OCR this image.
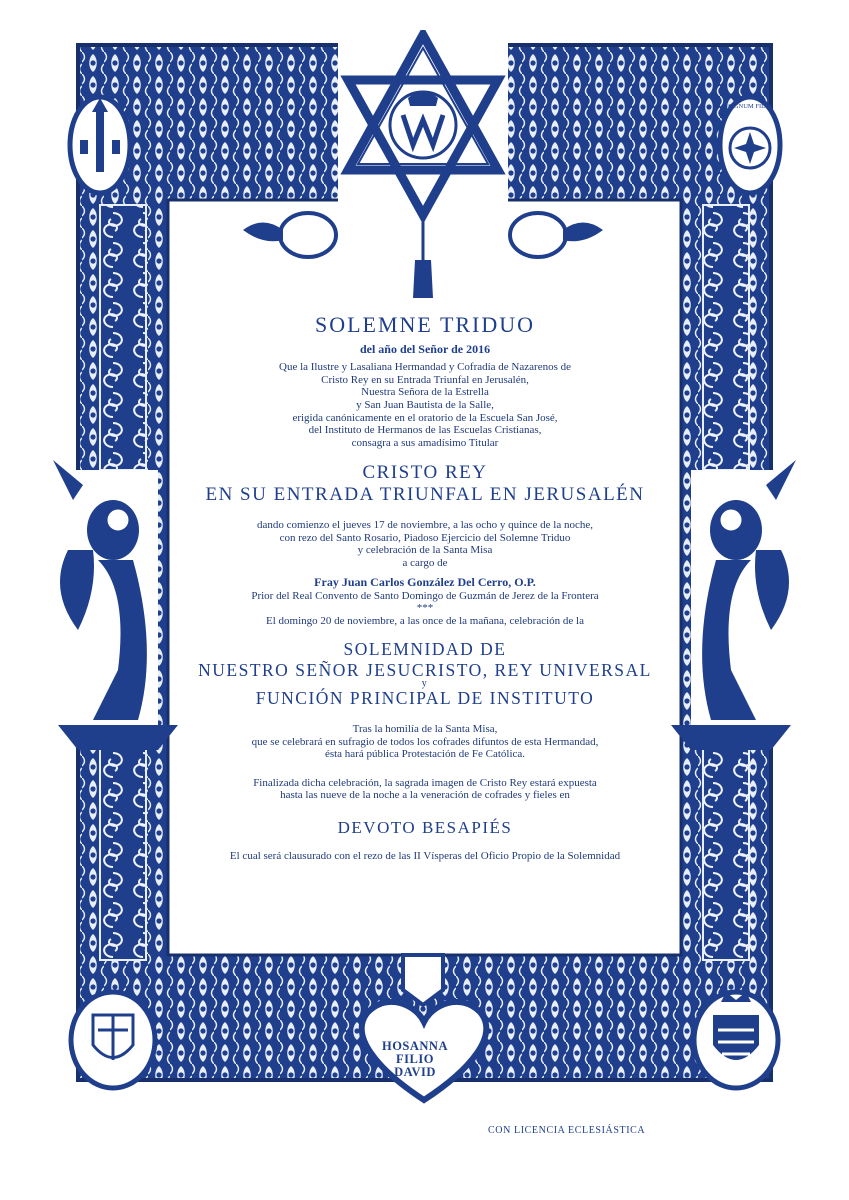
SIGNUM FIDEI
HOSANNA
FILIO
DAVID
SOLEMNE TRIDUO
del año del Señor de 2016
Que la Ilustre y Lasaliana Hermandad y Cofradía de Nazarenos de
Cristo Rey en su Entrada Triunfal en Jerusalén,
Nuestra Señora de la Estrella
y San Juan Bautista de la Salle,
erigida canónicamente en el oratorio de la Escuela San José,
del Instituto de Hermanos de las Escuelas Cristianas,
consagra a sus amadísimo Titular
CRISTO REY
EN SU ENTRADA TRIUNFAL EN JERUSALÉN
dando comienzo el jueves 17 de noviembre, a las ocho y quince de la noche,
con rezo del Santo Rosario, Piadoso Ejercicio del Solemne Triduo
y celebración de la Santa Misa
a cargo de
Fray Juan Carlos González Del Cerro, O.P.
Prior del Real Convento de Santo Domingo de Guzmán de Jerez de la Frontera
***
El domingo 20 de noviembre, a las once de la mañana, celebración de la
SOLEMNIDAD DE
NUESTRO SEÑOR JESUCRISTO, REY UNIVERSAL
y
FUNCIÓN PRINCIPAL DE INSTITUTO
Tras la homilía de la Santa Misa,
que se celebrará en sufragio de todos los cofrades difuntos de esta Hermandad,
ésta hará pública Protestación de Fe Católica.
Finalizada dicha celebración, la sagrada imagen de Cristo Rey estará expuesta
hasta las nueve de la noche a la veneración de cofrades y fieles en
DEVOTO BESAPIÉS
El cual será clausurado con el rezo de las II Vísperas del Oficio Propio de la Solemnidad
CON LICENCIA ECLESIÁSTICA
